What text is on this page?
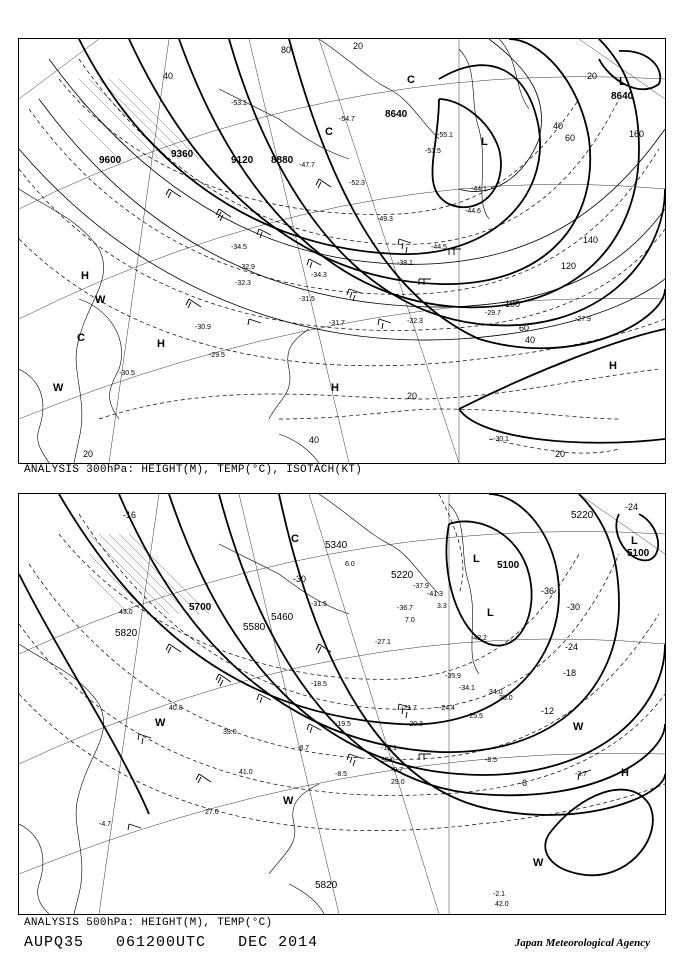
9600
9360
9120 8880
8640
8640
20
40
60
80
100
120
140
160
20
40
60
40
20
20
20
40
-53.1
-54.7
-55.1
-53.5
-44.1
-44.6
-47.7
-52.3
-49.3
-44.5
-38.1
-34.5
-34.3
-32.9
-32.3
-31.5
-32.3
-29.7
-31.7
-30.9
-29.5
-30.5
-27.9
-30.1
H
W
C	H
W	H
C
C
L
L
H
ANALYSIS 300hPa: HEIGHT(M), TEMP(°C), ISOTACH(KT)
5700
5820
5580
5460
5340
5220
5100
5100
5220
5820
-16
-24
-30
-36
-30
-24
-18
-12
-6
-2.1
-3.7
-4.7
-8.7
-8.5
-9.7
-13.1
-18.5
-21.7
-27.1
-31.5
-36.7
-37.9
-41.3
-42.2
-35.9
-34.1
-25.5
-24.4
-20.3
-19.5
-8.5
43.0
40.0
39.0
41.0
29.0
27.0
32.0
42.0
35.0
34.0
6.0
3.3
7.0
C
L
L
L
W
W
H
W
W
ANALYSIS 500hPa: HEIGHT(M), TEMP(°C)
AUPQ35 061200UTC DEC 2014	Japan Meteorological Agency
